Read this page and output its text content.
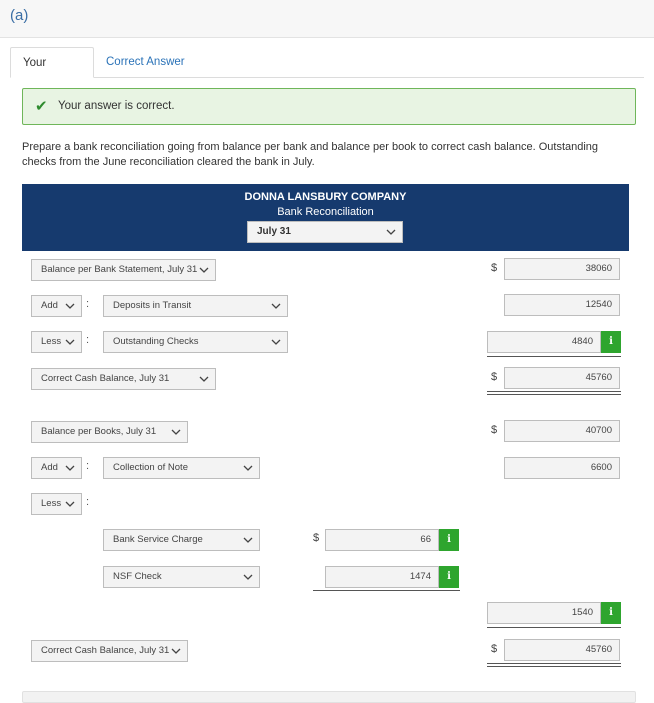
(a)
Your	Correct Answer
✔ Your answer is correct.
Prepare a bank reconciliation going from balance per bank and balance per book to correct cash balance. Outstanding checks from the June reconciliation cleared the bank in July.
DONNA LANSBURY COMPANY
Bank Reconciliation
July 31
Balance per Bank Statement, July 31	$	38060
Add	:	Deposits in Transit	12540
Less	:	Outstanding Checks	4840	i
Correct Cash Balance, July 31	$	45760
Balance per Books, July 31	$	40700
Add	:	Collection of Note	6600
Less	:
Bank Service Charge	$	66	i
NSF Check	1474	i
1540	i
Correct Cash Balance, July 31	$	45760
